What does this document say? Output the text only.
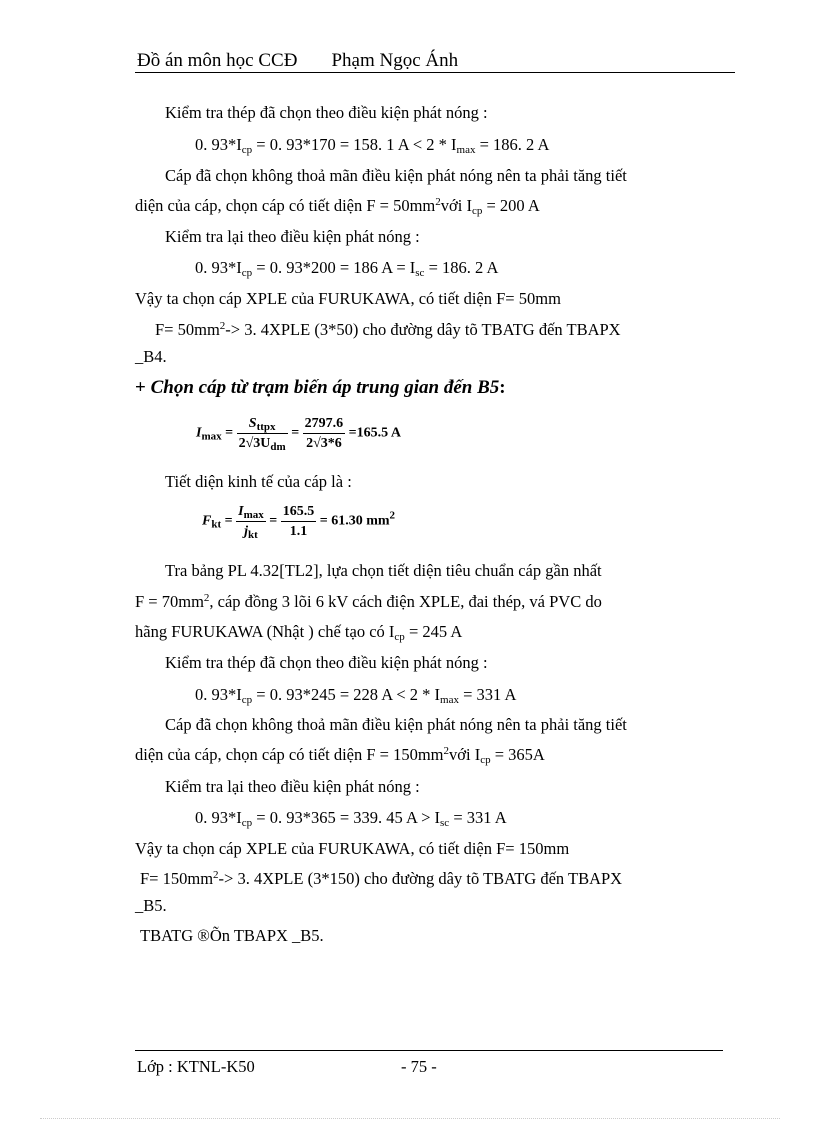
Đồ án môn học CCĐ Phạm Ngọc Ánh
Kiểm tra thép đã chọn theo điều kiện phát nóng :
0. $93*I_{cp} = 0$. 93*170 = 158. 1 $A < 2 * I_{max} = 186$. 2 A
Cáp đã chọn không thoả mãn điều kiện phát nóng nên ta phải tăng tiết
diện của cáp, chọn cáp có tiết diện $F = 50mm^2với$ $I_{cp} = 200$ A
Kiểm tra lại theo điều kiện phát nóng :
0. $93*I_{cp} = 0$. 93*200 = 186 $A = I_{sc} = 186$. 2 A
Vậy ta chọn cáp XPLE của FURUKAWA, có tiết diện F= 50mm
$F= 50mm^2-> 3$. 4XPLE (3*50) cho đường dây tõ TBATG đến TBAPX
_B4.
+ Chọn cáp từ trạm biến áp trung gian đến B5:
$I_{max} = \frac{S_{ttpx}}{2√3U_{dm}} = \frac{2797.6}{2√3*6} =165.5$ A
Tiết diện kinh tế của cáp là :
$F_{kt} = \frac{I_{max}}{j_{kt}} = \frac{165.5}{1.1} = 61.30$ $mm^2$
Tra bảng PL 4.32[TL2], lựa chọn tiết diện tiêu chuẩn cáp gần nhất
$F = 70mm^2$, cáp đồng 3 lõi 6 kV cách điện XPLE, đai thép, vá PVC do
hãng FURUKAWA (Nhật ) chế tạo có $I_{cp} = 245$ A
Kiểm tra thép đã chọn theo điều kiện phát nóng :
0. $93*I_{cp} = 0$. 93*245 = 228 $A < 2 * I_{max} = 331$ A
Cáp đã chọn không thoả mãn điều kiện phát nóng nên ta phải tăng tiết
diện của cáp, chọn cáp có tiết diện $F = 150mm^2với$ $I_{cp} = 365A$
Kiểm tra lại theo điều kiện phát nóng :
0. $93*I_{cp} = 0$. 93*365 = 339. 45 $A > I_{sc} = 331$ A
Vậy ta chọn cáp XPLE của FURUKAWA, có tiết diện F= 150mm
$F= 150mm^2-> 3$. 4XPLE (3*150) cho đường dây tõ TBATG đến TBAPX
_B5.
TBATG ®Õn TBAPX _B5.
Lớp : KTNL-K50	- 75 -
